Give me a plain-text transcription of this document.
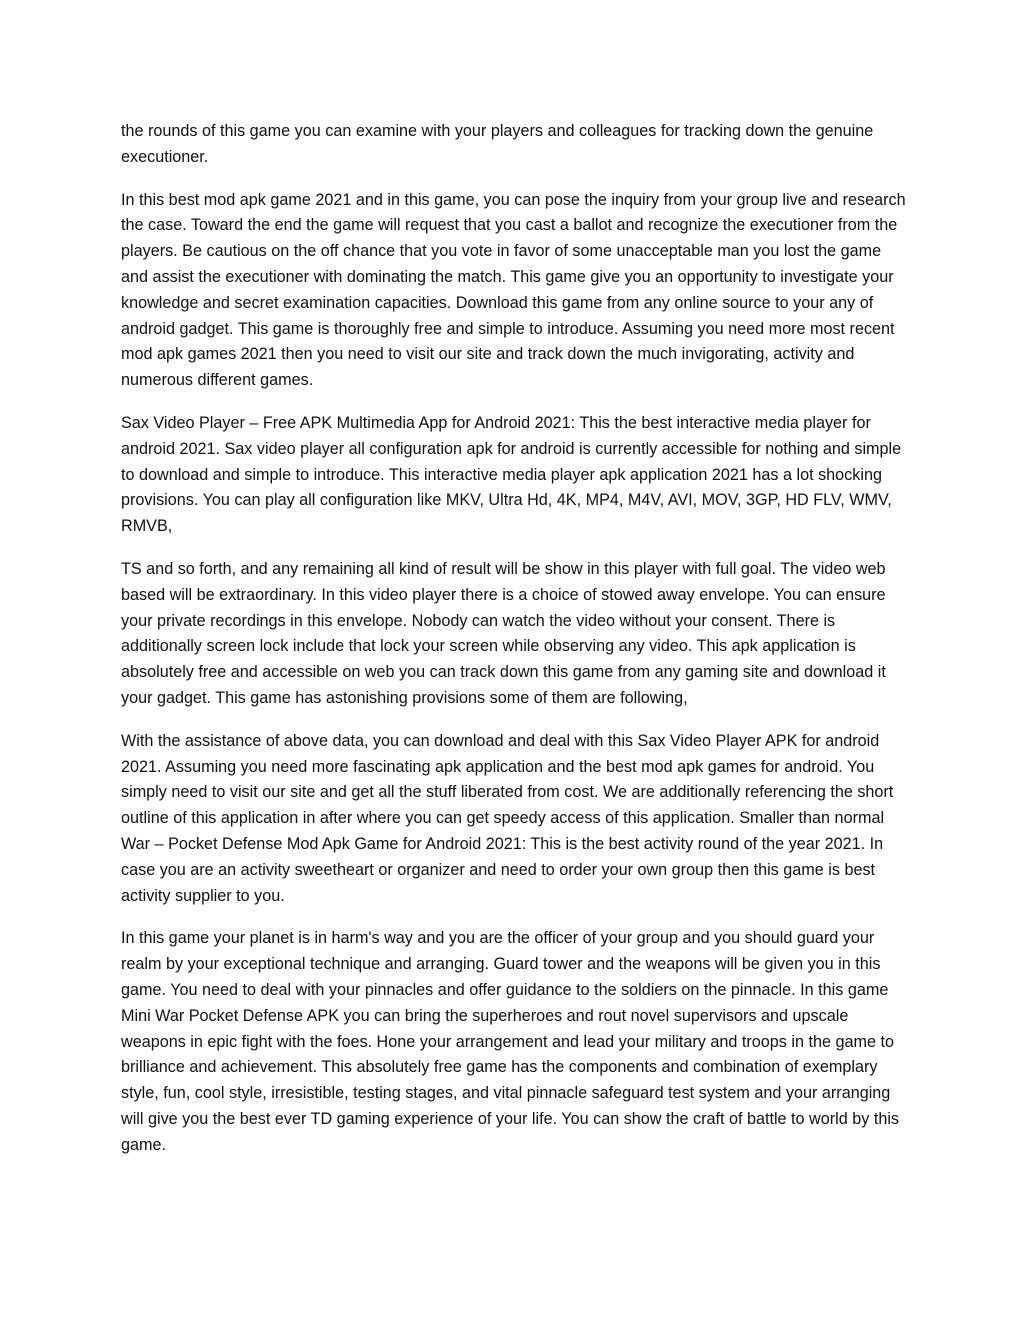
the rounds of this game you can examine with your players and colleagues for tracking down the genuine executioner.

In this best mod apk game 2021 and in this game, you can pose the inquiry from your group live and research the case. Toward the end the game will request that you cast a ballot and recognize the executioner from the players. Be cautious on the off chance that you vote in favor of some unacceptable man you lost the game and assist the executioner with dominating the match. This game give you an opportunity to investigate your knowledge and secret examination capacities. Download this game from any online source to your any of android gadget. This game is thoroughly free and simple to introduce. Assuming you need more most recent mod apk games 2021 then you need to visit our site and track down the much invigorating, activity and numerous different games.

Sax Video Player – Free APK Multimedia App for Android 2021: This the best interactive media player for android 2021. Sax video player all configuration apk for android is currently accessible for nothing and simple to download and simple to introduce. This interactive media player apk application 2021 has a lot shocking provisions. You can play all configuration like MKV, Ultra Hd, 4K, MP4, M4V, AVI, MOV, 3GP, HD FLV, WMV, RMVB,

TS and so forth, and any remaining all kind of result will be show in this player with full goal. The video web based will be extraordinary. In this video player there is a choice of stowed away envelope. You can ensure your private recordings in this envelope. Nobody can watch the video without your consent. There is additionally screen lock include that lock your screen while observing any video. This apk application is absolutely free and accessible on web you can track down this game from any gaming site and download it your gadget. This game has astonishing provisions some of them are following,

With the assistance of above data, you can download and deal with this Sax Video Player APK for android 2021. Assuming you need more fascinating apk application and the best mod apk games for android. You simply need to visit our site and get all the stuff liberated from cost. We are additionally referencing the short outline of this application in after where you can get speedy access of this application. Smaller than normal War – Pocket Defense Mod Apk Game for Android 2021: This is the best activity round of the year 2021. In case you are an activity sweetheart or organizer and need to order your own group then this game is best activity supplier to you.

In this game your planet is in harm's way and you are the officer of your group and you should guard your realm by your exceptional technique and arranging. Guard tower and the weapons will be given you in this game. You need to deal with your pinnacles and offer guidance to the soldiers on the pinnacle. In this game Mini War Pocket Defense APK you can bring the superheroes and rout novel supervisors and upscale weapons in epic fight with the foes. Hone your arrangement and lead your military and troops in the game to brilliance and achievement. This absolutely free game has the components and combination of exemplary style, fun, cool style, irresistible, testing stages, and vital pinnacle safeguard test system and your arranging will give you the best ever TD gaming experience of your life. You can show the craft of battle to world by this game.
